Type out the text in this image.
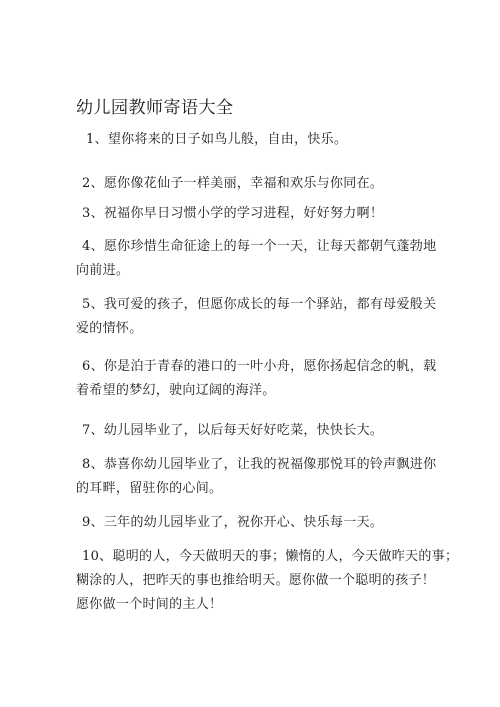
幼儿园教师寄语大全
1、望你将来的日子如鸟儿般，自由，快乐。
2、愿你像花仙子一样美丽，幸福和欢乐与你同在。
3、祝福你早日习惯小学的学习进程，好好努力啊！
4、愿你珍惜生命征途上的每一个一天，让每天都朝气蓬勃地
向前进。
5、我可爱的孩子，但愿你成长的每一个驿站，都有母爱般关
爱的情怀。
6、你是泊于青春的港口的一叶小舟，愿你扬起信念的帆，载
着希望的梦幻，驶向辽阔的海洋。
7、幼儿园毕业了，以后每天好好吃菜，快快长大。
8、恭喜你幼儿园毕业了，让我的祝福像那悦耳的铃声飘进你
的耳畔，留驻你的心间。
9、三年的幼儿园毕业了，祝你开心、快乐每一天。
10、聪明的人，今天做明天的事；懒惰的人，今天做昨天的事；
糊涂的人，把昨天的事也推给明天。愿你做一个聪明的孩子！
愿你做一个时间的主人！
